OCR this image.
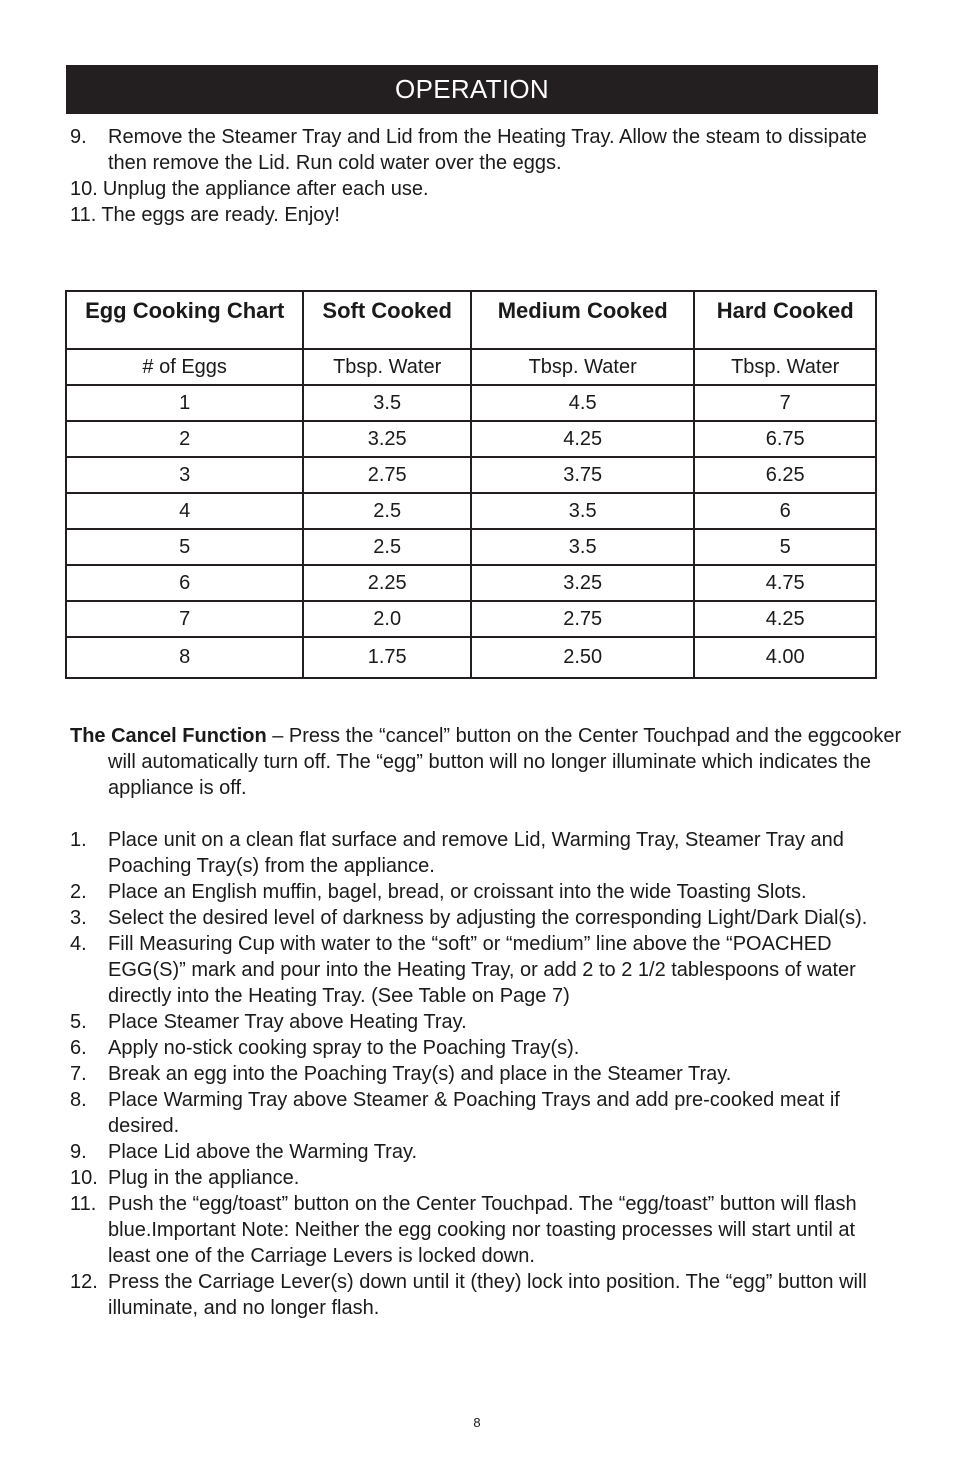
OPERATION
9.	Remove the Steamer Tray and Lid from the Heating Tray. Allow the steam to dissipate then remove the Lid. Run cold water over the eggs.
10. Unplug the appliance after each use.
11. The eggs are ready. Enjoy!
Egg Cooking Chart	Soft Cooked	Medium Cooked	Hard Cooked
# of Eggs	Tbsp. Water	Tbsp. Water	Tbsp. Water
1	3.5	4.5	7
2	3.25	4.25	6.75
3	2.75	3.75	6.25
4	2.5	3.5	6
5	2.5	3.5	5
6	2.25	3.25	4.75
7	2.0	2.75	4.25
8	1.75	2.50	4.00
The Cancel Function – Press the “cancel” button on the Center Touchpad and the eggcooker will automatically turn off. The “egg” button will no longer illuminate which indicates the appliance is off.
1.	Place unit on a clean flat surface and remove Lid, Warming Tray, Steamer Tray and Poaching Tray(s) from the appliance.
2.	Place an English muffin, bagel, bread, or croissant into the wide Toasting Slots.
3.	Select the desired level of darkness by adjusting the corresponding Light/Dark Dial(s).
4.	Fill Measuring Cup with water to the “soft” or “medium” line above the “POACHED EGG(S)” mark and pour into the Heating Tray, or add 2 to 2 1/2 tablespoons of water directly into the Heating Tray. (See Table on Page 7)
5.	Place Steamer Tray above Heating Tray.
6.	Apply no-stick cooking spray to the Poaching Tray(s).
7.	Break an egg into the Poaching Tray(s) and place in the Steamer Tray.
8.	Place Warming Tray above Steamer & Poaching Trays and add pre-cooked meat if desired.
9.	Place Lid above the Warming Tray.
10. Plug in the appliance.
11. Push the “egg/toast” button on the Center Touchpad. The “egg/toast” button will flash blue.Important Note: Neither the egg cooking nor toasting processes will start until at least one of the Carriage Levers is locked down.
12. Press the Carriage Lever(s) down until it (they) lock into position. The “egg” button will illuminate, and no longer flash.
8
